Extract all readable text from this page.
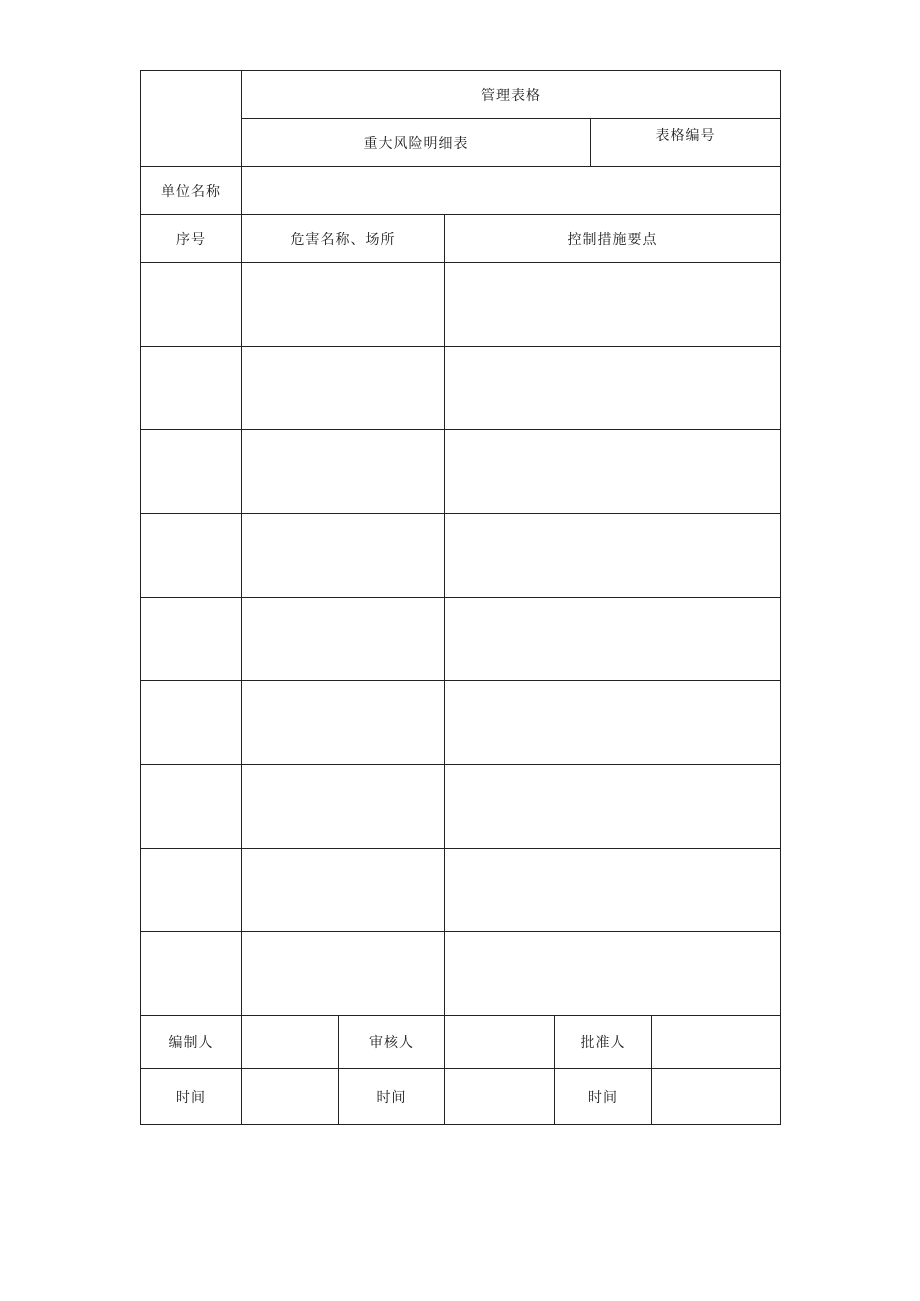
	管理表格					
	重大风险明细表				表格编号	
单位名称						
序号	危害名称、场所		控制措施要点			

编制人		审核人		批准人		
时间		时间		时间		
